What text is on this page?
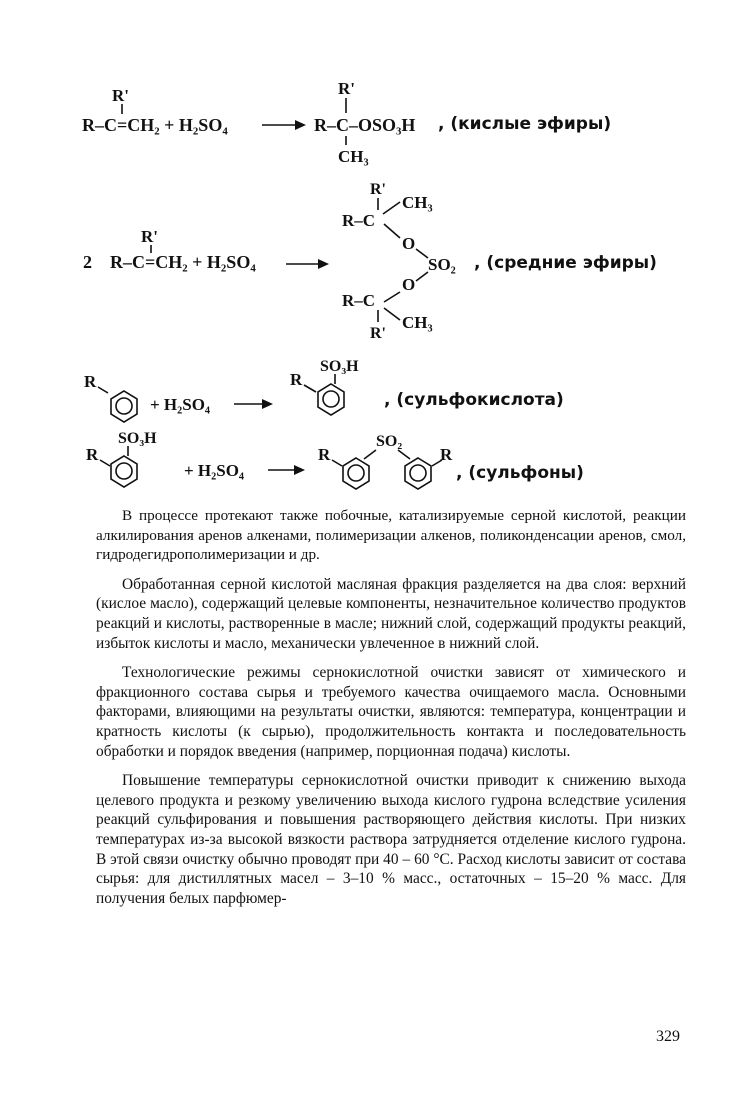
R'
R–C=CH₂ + H₂SO₄
R'
R–C–OSO₃H
CH₃
, (кислые эфиры)
2
R'
R–C=CH₂ + H₂SO₄
R'
R–C
CH₃
O
SO₂
O
R–C
R'
CH₃
, (средние эфиры)
R
+ H₂SO₄
SO₃H
R
, (сульфокислота)
SO₃H
R
+ H₂SO₄
SO₂
R	R
, (сульфоны)

В процессе протекают также побочные, катализируемые серной кислотой, реакции алкилирования аренов алкенами, полимеризации алкенов, поликонденсации аренов, смол, гидродегидрополимеризации и др.

Обработанная серной кислотой масляная фракция разделяется на два слоя: верхний (кислое масло), содержащий целевые компоненты, незначительное количество продуктов реакций и кислоты, растворенные в масле; нижний слой, содержащий продукты реакций, избыток кислоты и масло, механически увлеченное в нижний слой.

Технологические режимы сернокислотной очистки зависят от химического и фракционного состава сырья и требуемого качества очищаемого масла. Основными факторами, влияющими на результаты очистки, являются: температура, концентрации и кратность кислоты (к сырью), продолжительность контакта и последовательность обработки и порядок введения (например, порционная подача) кислоты.

Повышение температуры сернокислотной очистки приводит к снижению выхода целевого продукта и резкому увеличению выхода кислого гудрона вследствие усиления реакций сульфирования и повышения растворяющего действия кислоты. При низких температурах из-за высокой вязкости раствора затрудняется отделение кислого гудрона. В этой связи очистку обычно проводят при 40 – 60 °С. Расход кислоты зависит от состава сырья: для дистиллятных масел – 3–10 % масс., остаточных – 15–20 % масс. Для получения белых парфюмер-

329
